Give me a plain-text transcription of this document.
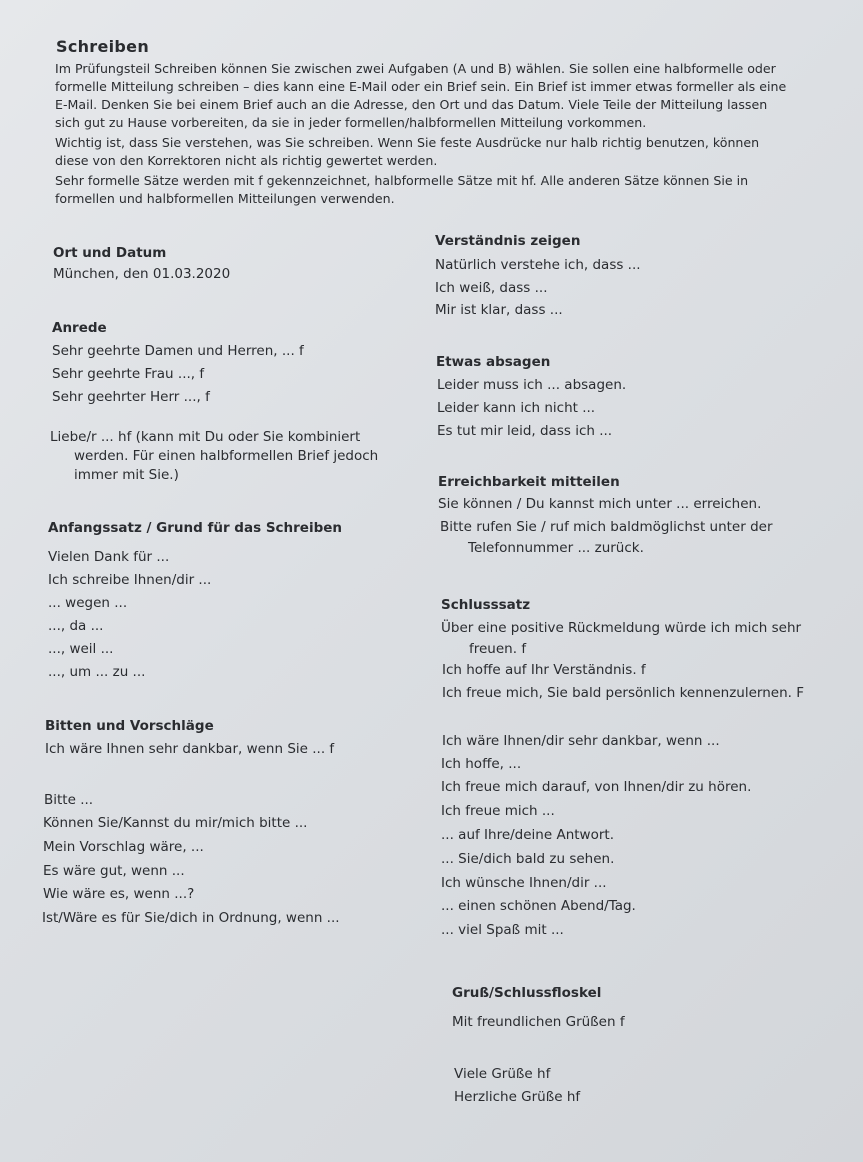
Schreiben

Im Prüfungsteil Schreiben können Sie zwischen zwei Aufgaben (A und B) wählen. Sie sollen eine halbformelle oder formelle Mitteilung schreiben – dies kann eine E-Mail oder ein Brief sein. Ein Brief ist immer etwas formeller als eine E-Mail. Denken Sie bei einem Brief auch an die Adresse, den Ort und das Datum. Viele Teile der Mitteilung lassen sich gut zu Hause vorbereiten, da sie in jeder formellen/halbformellen Mitteilung vorkommen.

Wichtig ist, dass Sie verstehen, was Sie schreiben. Wenn Sie feste Ausdrücke nur halb richtig benutzen, können diese von den Korrektoren nicht als richtig gewertet werden.

Sehr formelle Sätze werden mit f gekennzeichnet, halbformelle Sätze mit hf. Alle anderen Sätze können Sie in formellen und halbformellen Mitteilungen verwenden.

Ort und Datum
München, den 01.03.2020
Anrede
Sehr geehrte Damen und Herren, ... f
Sehr geehrte Frau ..., f
Sehr geehrter Herr ..., f
Liebe/r ... hf (kann mit Du oder Sie kombiniert
werden. Für einen halbformellen Brief jedoch
immer mit Sie.)
Anfangssatz / Grund für das Schreiben
Vielen Dank für ...
Ich schreibe Ihnen/dir ...
... wegen ...
..., da ...
..., weil ...
..., um ... zu ...
Bitten und Vorschläge
Ich wäre Ihnen sehr dankbar, wenn Sie ... f
Bitte ...
Können Sie/Kannst du mir/mich bitte ...
Mein Vorschlag wäre, ...
Es wäre gut, wenn ...
Wie wäre es, wenn ...?
Ist/Wäre es für Sie/dich in Ordnung, wenn ...
Verständnis zeigen
Natürlich verstehe ich, dass ...
Ich weiß, dass ...
Mir ist klar, dass ...
Etwas absagen
Leider muss ich ... absagen.
Leider kann ich nicht ...
Es tut mir leid, dass ich ...
Erreichbarkeit mitteilen
Sie können / Du kannst mich unter ... erreichen.
Bitte rufen Sie / ruf mich baldmöglichst unter der
Telefonnummer ... zurück.
Schlusssatz
Über eine positive Rückmeldung würde ich mich sehr
freuen. f
Ich hoffe auf Ihr Verständnis. f
Ich freue mich, Sie bald persönlich kennenzulernen. F
Ich wäre Ihnen/dir sehr dankbar, wenn ...
Ich hoffe, ...
Ich freue mich darauf, von Ihnen/dir zu hören.
Ich freue mich ...
... auf Ihre/deine Antwort.
... Sie/dich bald zu sehen.
Ich wünsche Ihnen/dir ...
... einen schönen Abend/Tag.
... viel Spaß mit ...
Gruß/Schlussfloskel
Mit freundlichen Grüßen f
Viele Grüße hf
Herzliche Grüße hf
